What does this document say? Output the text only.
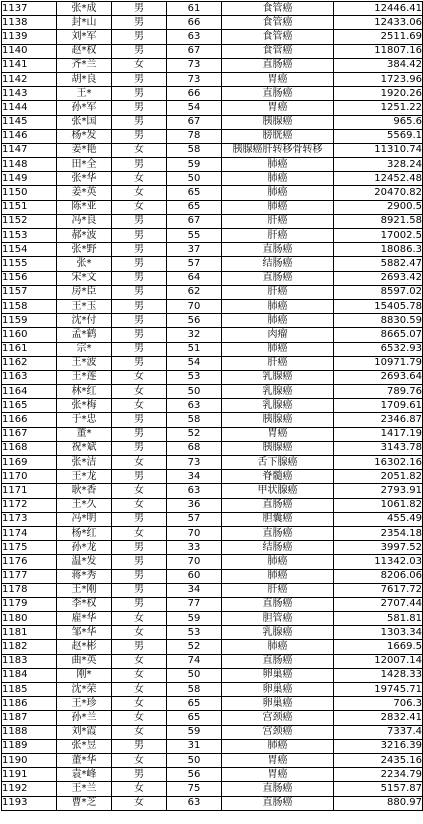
1137	张*成	男	61	食管癌	12446.41
1138	封*山	男	66	食管癌	12433.06
1139	刘*军	男	63	食管癌	2511.69
1140	赵*权	男	67	食管癌	11807.16
1141	齐*兰	女	73	直肠癌	384.42
1142	胡*良	男	73	胃癌	1723.96
1143	王*	男	66	直肠癌	1920.26
1144	孙*军	男	54	胃癌	1251.22
1145	张*国	男	67	胰腺癌	965.6
1146	杨*发	男	78	膀胱癌	5569.1
1147	姜*艳	女	58	胰腺癌肝转移骨转移	11310.74
1148	田*全	男	59	肺癌	328.24
1149	张*华	女	50	肺癌	12452.48
1150	姜*英	女	65	肺癌	20470.82
1151	陈*亚	女	65	肺癌	2900.5
1152	冯*良	男	67	肝癌	8921.58
1153	郝*波	男	55	肝癌	17002.5
1154	张*野	男	37	直肠癌	18086.3
1155	张*	男	57	结肠癌	5882.47
1156	宋*文	男	64	直肠癌	2693.42
1157	房*臣	男	62	肝癌	8597.02
1158	王*玉	男	70	肺癌	15405.78
1159	沈*付	男	56	肺癌	8830.59
1160	孟*鹤	男	32	肉瘤	8665.07
1161	宗*	男	51	肺癌	6532.93
1162	王*波	男	54	肝癌	10971.79
1163	王*莲	女	53	乳腺癌	2693.64
1164	林*红	女	50	乳腺癌	789.76
1165	张*梅	女	63	乳腺癌	1709.61
1166	于*忠	男	58	胰腺癌	2346.87
1167	董*	男	52	胃癌	1417.19
1168	祝*斌	男	68	胰腺癌	3143.78
1169	张*洁	女	73	舌下腺癌	16302.16
1170	王*龙	男	34	脊髓癌	2051.82
1171	耿*香	女	63	甲状腺癌	2793.91
1172	王*久	女	36	直肠癌	1061.82
1173	冯*明	男	57	胆囊癌	455.49
1174	杨*红	女	70	直肠癌	2354.18
1175	孙*龙	男	33	结肠癌	3997.52
1176	温*发	男	70	肺癌	11342.03
1177	蒋*秀	男	60	肺癌	8206.06
1178	王*刚	男	34	肝癌	7617.72
1179	李*权	男	77	直肠癌	2707.44
1180	雇*华	女	59	胆管癌	581.81
1181	邹*华	女	53	乳腺癌	1303.34
1182	赵*彬	男	52	肺癌	1669.5
1183	曲*英	女	74	直肠癌	12007.14
1184	刚*	女	50	卵巢癌	1428.33
1185	沈*荣	女	58	卵巢癌	19745.71
1186	王*珍	女	65	卵巢癌	706.3
1187	孙*兰	女	65	宫颈癌	2832.41
1188	刘*霞	女	59	宫颈癌	7337.4
1189	张*昱	男	31	肺癌	3216.39
1190	董*华	女	50	胃癌	2435.16
1191	袁*峰	男	56	胃癌	2234.79
1192	王*兰	女	75	直肠癌	5157.87
1193	曹*芝	女	63	直肠癌	880.97
